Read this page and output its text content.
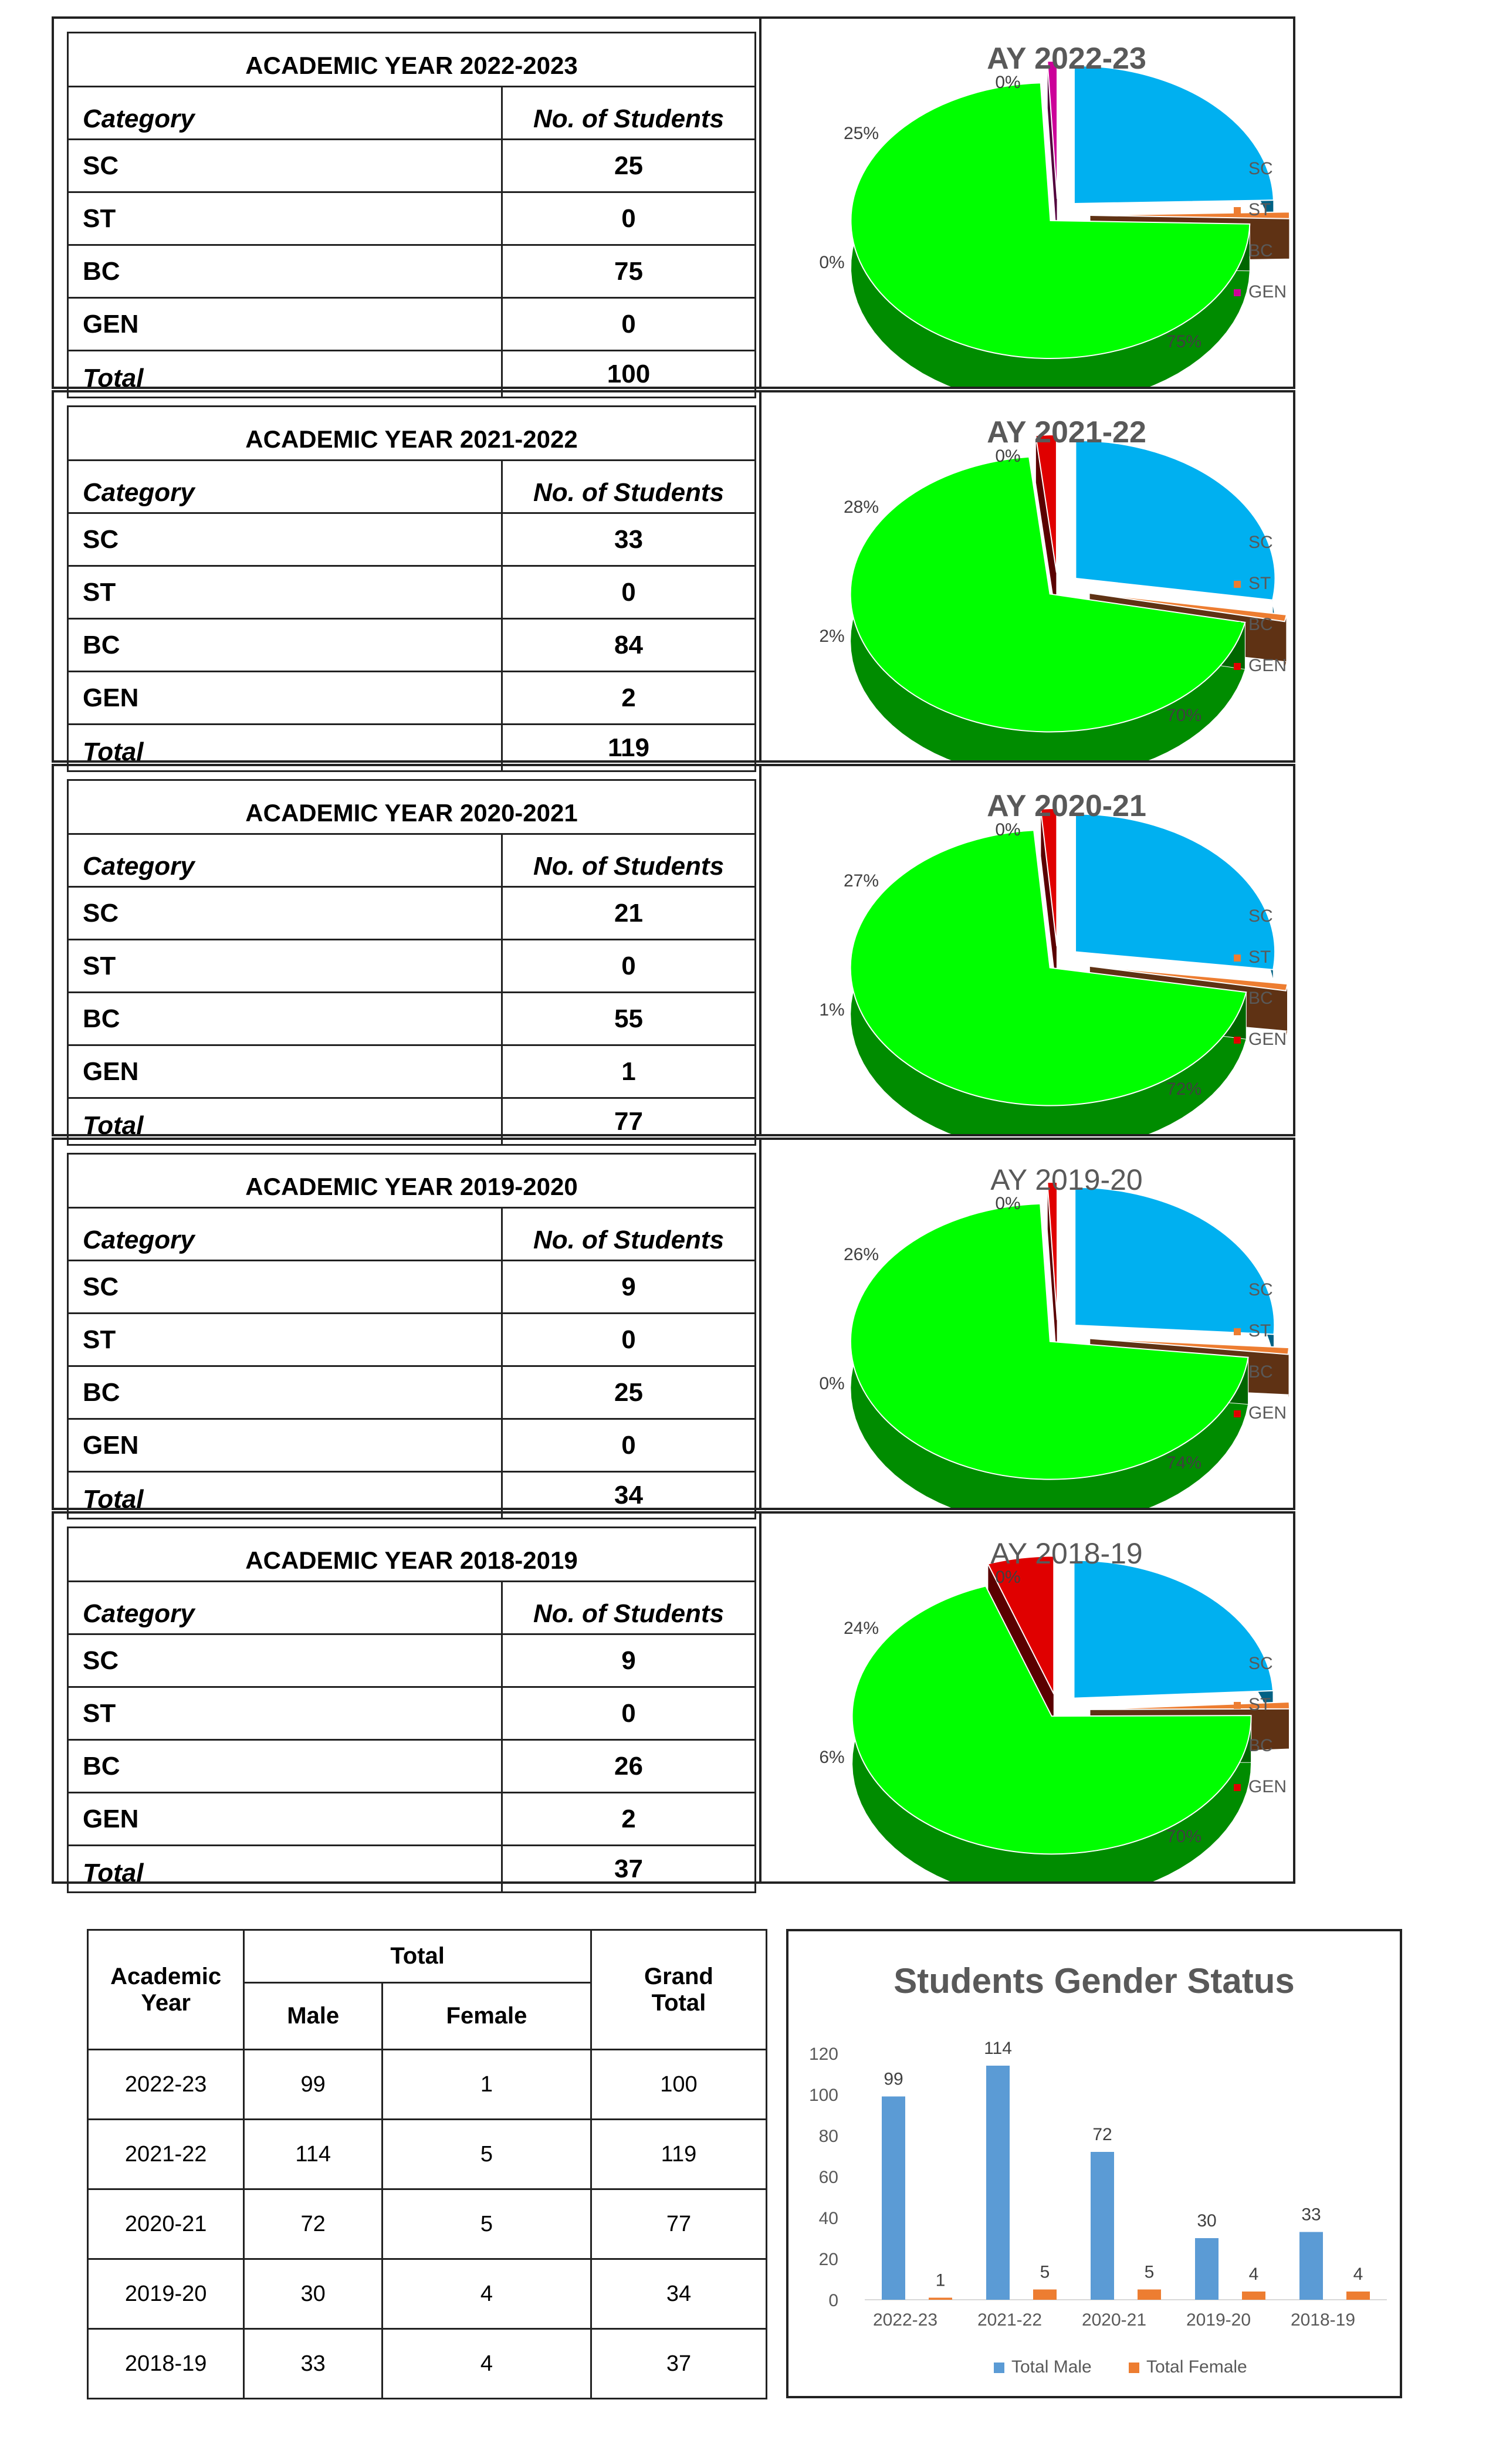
ACADEMIC YEAR 2022-2023	
Category	No. of Students
SC	25
ST	0
BC	75
GEN	0
Total	100
AY 2022-23
25%
0%
75%
0%
SC
ST
BC
GEN
ACADEMIC YEAR 2021-2022	
Category	No. of Students
SC	33
ST	0
BC	84
GEN	2
Total	119
AY 2021-22
28%
0%
70%
2%
SC
ST
BC
GEN
ACADEMIC YEAR 2020-2021	
Category	No. of Students
SC	21
ST	0
BC	55
GEN	1
Total	77
AY 2020-21
27%
0%
72%
1%
SC
ST
BC
GEN
ACADEMIC YEAR 2019-2020	
Category	No. of Students
SC	9
ST	0
BC	25
GEN	0
Total	34
AY 2019-20
26%
0%
74%
0%
SC
ST
BC
GEN
ACADEMIC YEAR 2018-2019	
Category	No. of Students
SC	9
ST	0
BC	26
GEN	2
Total	37
AY 2018-19
24%
0%
70%
6%
SC
ST
BC
GEN
Academic Year	Total		Grand
Total
	Male	Female	
2022-23	99	1	100
2021-22	114	5	119
2020-21	72	5	77
2019-20	30	4	34
2018-19	33	4	37
Students Gender Status
0
20
40
60
80
100
120
99
1
2022-23
114
5
2021-22
72
5
2020-21
30
4
2019-20
33
4
2018-19
Total Male	Total Female
